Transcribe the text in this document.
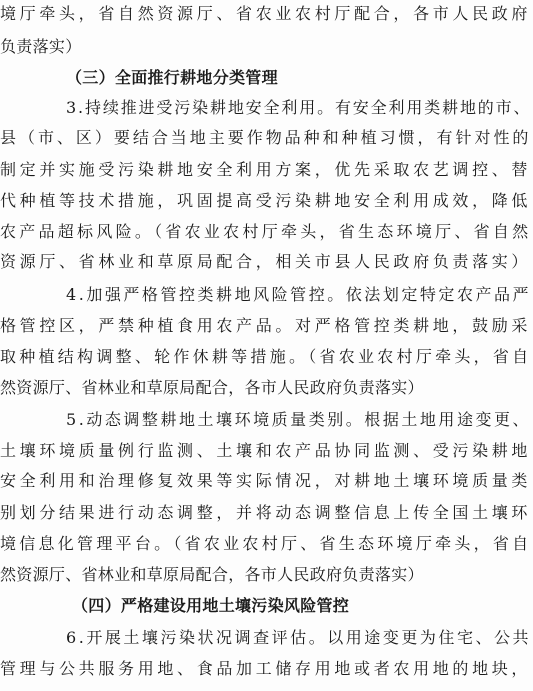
境厅牵头，省自然资源厅、省农业农村厅配合，各市人民政府
负责落实）
（三）全面推行耕地分类管理
3.持续推进受污染耕地安全利用。有安全利用类耕地的市、
县（市、区）要结合当地主要作物品种和种植习惯，有针对性的
制定并实施受污染耕地安全利用方案，优先采取农艺调控、替
代种植等技术措施，巩固提高受污染耕地安全利用成效，降低
农产品超标风险。（省农业农村厅牵头，省生态环境厅、省自然
资源厅、省林业和草原局配合，相关市县人民政府负责落实）
4.加强严格管控类耕地风险管控。依法划定特定农产品严
格管控区，严禁种植食用农产品。对严格管控类耕地，鼓励采
取种植结构调整、轮作休耕等措施。（省农业农村厅牵头，省自
然资源厅、省林业和草原局配合，各市人民政府负责落实）
5.动态调整耕地土壤环境质量类别。根据土地用途变更、
土壤环境质量例行监测、土壤和农产品协同监测、受污染耕地
安全利用和治理修复效果等实际情况，对耕地土壤环境质量类
别划分结果进行动态调整，并将动态调整信息上传全国土壤环
境信息化管理平台。（省农业农村厅、省生态环境厅牵头，省自
然资源厅、省林业和草原局配合，各市人民政府负责落实）
（四）严格建设用地土壤污染风险管控
6.开展土壤污染状况调查评估。以用途变更为住宅、公共
管理与公共服务用地、食品加工储存用地或者农用地的地块，
